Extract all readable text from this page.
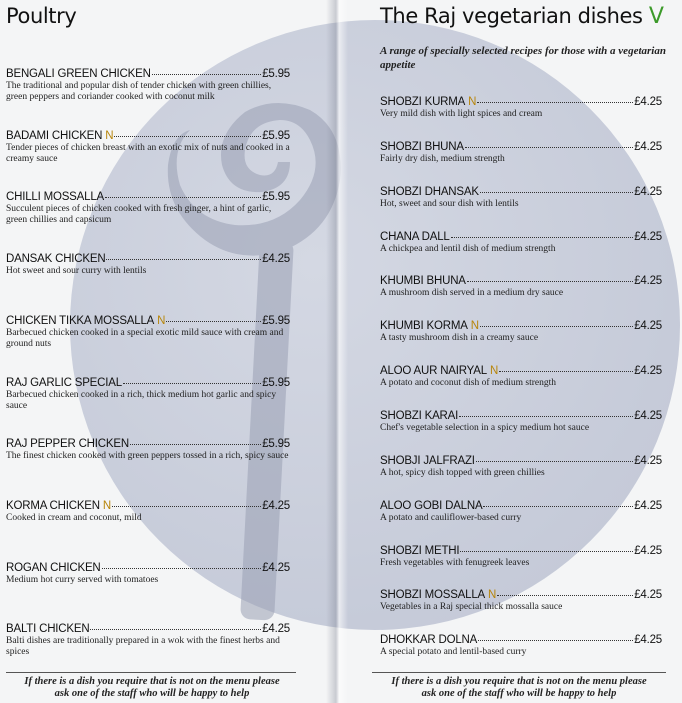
Poultry
BENGALI GREEN CHICKEN	£5.95
The traditional and popular dish of tender chicken with green chillies, green peppers and coriander cooked with coconut milk
BADAMI CHICKEN N	£5.95
Tender pieces of chicken breast with an exotic mix of nuts and cooked in a creamy sauce
CHILLI MOSSALLA	£5.95
Succulent pieces of chicken cooked with fresh ginger, a hint of garlic, green chillies and capsicum
DANSAK CHICKEN	£4.25
Hot sweet and sour curry with lentils
CHICKEN TIKKA MOSSALLA N	£5.95
Barbecued chicken cooked in a special exotic mild sauce with cream and ground nuts
RAJ GARLIC SPECIAL	£5.95
Barbecued chicken cooked in a rich, thick medium hot garlic and spicy sauce
RAJ PEPPER CHICKEN	£5.95
The finest chicken cooked with green peppers tossed in a rich, spicy sauce
KORMA CHICKEN N	£4.25
Cooked in cream and coconut, mild
ROGAN CHICKEN	£4.25
Medium hot curry served with tomatoes
BALTI CHICKEN	£4.25
Balti dishes are traditionally prepared in a wok with the finest herbs and spices
If there is a dish you require that is not on the menu please
ask one of the staff who will be happy to help
The Raj vegetarian dishes V
A range of specially selected recipes for those with a vegetarian appetite
SHOBZI KURMA N	£4.25
Very mild dish with light spices and cream
SHOBZI BHUNA	£4.25
Fairly dry dish, medium strength
SHOBZI DHANSAK	£4.25
Hot, sweet and sour dish with lentils
CHANA DALL	£4.25
A chickpea and lentil dish of medium strength
KHUMBI BHUNA	£4.25
A mushroom dish served in a medium dry sauce
KHUMBI KORMA N	£4.25
A tasty mushroom dish in a creamy sauce
ALOO AUR NAIRYAL N	£4.25
A potato and coconut dish of medium strength
SHOBZI KARAI	£4.25
Chef's vegetable selection in a spicy medium hot sauce
SHOBJI JALFRAZI	£4.25
A hot, spicy dish topped with green chillies
ALOO GOBI DALNA	£4.25
A potato and cauliflower-based curry
SHOBZI METHI	£4.25
Fresh vegetables with fenugreek leaves
SHOBZI MOSSALLA N	£4.25
Vegetables in a Raj special thick mossalla sauce
DHOKKAR DOLNA	£4.25
A special potato and lentil-based curry
If there is a dish you require that is not on the menu please
ask one of the staff who will be happy to help
